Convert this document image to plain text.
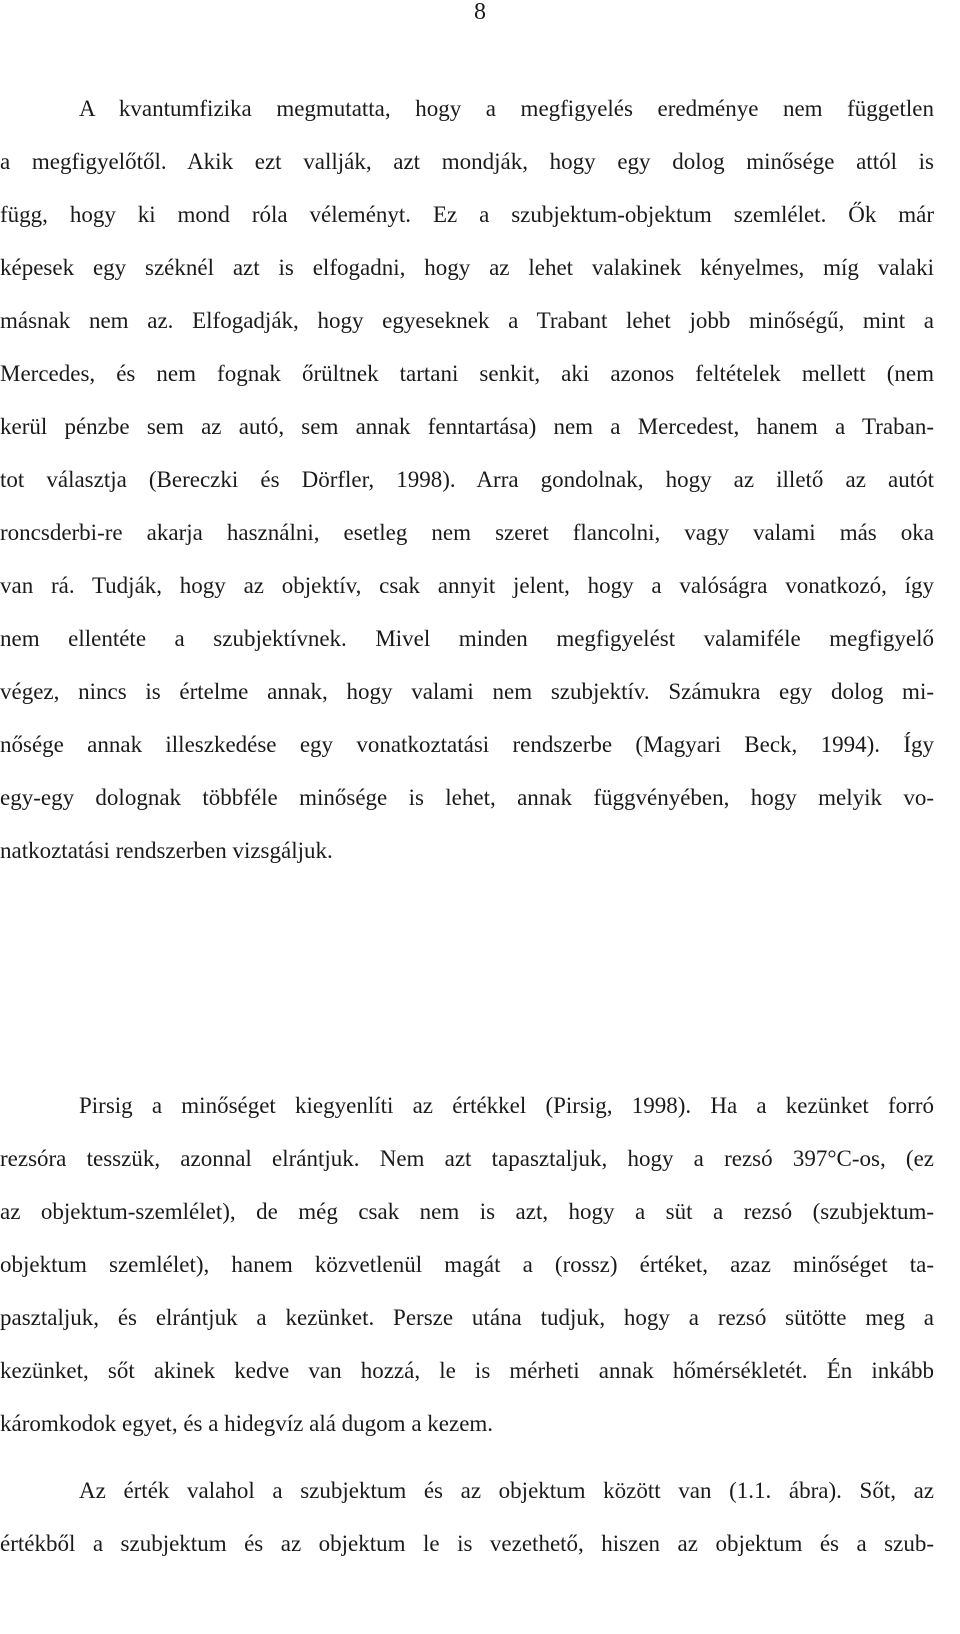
8
A kvantumfizika megmutatta, hogy a megfigyelés eredménye nem független
a megfigyelőtől. Akik ezt vallják, azt mondják, hogy egy dolog minősége attól is
függ, hogy ki mond róla véleményt. Ez a szubjektum-objektum szemlélet. Ők már
képesek egy széknél azt is elfogadni, hogy az lehet valakinek kényelmes, míg valaki
másnak nem az. Elfogadják, hogy egyeseknek a Trabant lehet jobb minőségű, mint a
Mercedes, és nem fognak őrültnek tartani senkit, aki azonos feltételek mellett (nem
kerül pénzbe sem az autó, sem annak fenntartása) nem a Mercedest, hanem a Traban-
tot választja (Bereczki és Dörfler, 1998). Arra gondolnak, hogy az illető az autót
roncsderbi-re akarja használni, esetleg nem szeret flancolni, vagy valami más oka
van rá. Tudják, hogy az objektív, csak annyit jelent, hogy a valóságra vonatkozó, így
nem ellentéte a szubjektívnek. Mivel minden megfigyelést valamiféle megfigyelő
végez, nincs is értelme annak, hogy valami nem szubjektív. Számukra egy dolog mi-
nősége annak illeszkedése egy vonatkoztatási rendszerbe (Magyari Beck, 1994). Így
egy-egy dolognak többféle minősége is lehet, annak függvényében, hogy melyik vo-
natkoztatási rendszerben vizsgáljuk.
Pirsig a minőséget kiegyenlíti az értékkel (Pirsig, 1998). Ha a kezünket forró
rezsóra tesszük, azonnal elrántjuk. Nem azt tapasztaljuk, hogy a rezsó 397°C-os, (ez
az objektum-szemlélet), de még csak nem is azt, hogy a süt a rezsó (szubjektum-
objektum szemlélet), hanem közvetlenül magát a (rossz) értéket, azaz minőséget ta-
pasztaljuk, és elrántjuk a kezünket. Persze utána tudjuk, hogy a rezsó sütötte meg a
kezünket, sőt akinek kedve van hozzá, le is mérheti annak hőmérsékletét. Én inkább
káromkodok egyet, és a hidegvíz alá dugom a kezem.
Az érték valahol a szubjektum és az objektum között van (1.1. ábra). Sőt, az
értékből a szubjektum és az objektum le is vezethető, hiszen az objektum és a szub-
